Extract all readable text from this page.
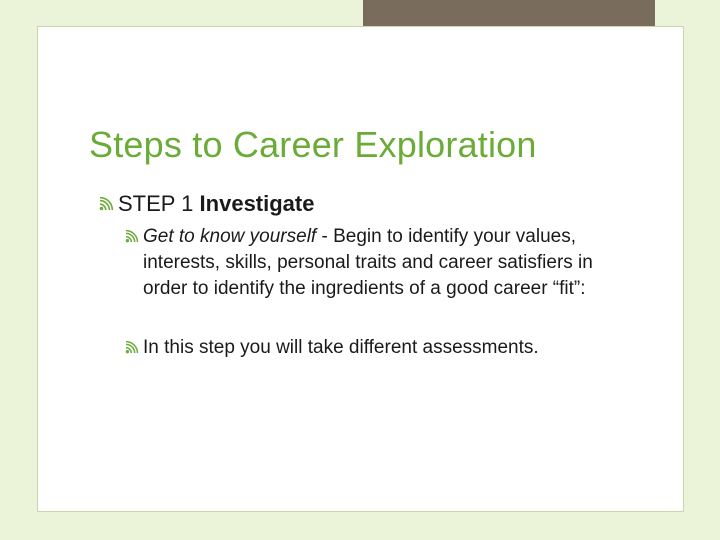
Steps to Career Exploration
STEP 1
Investigate
Get to know yourself - Begin to identify your values, interests, skills, personal traits and career satisfiers in order to identify the ingredients of a good career “fit”:
In this step you will take different assessments.
